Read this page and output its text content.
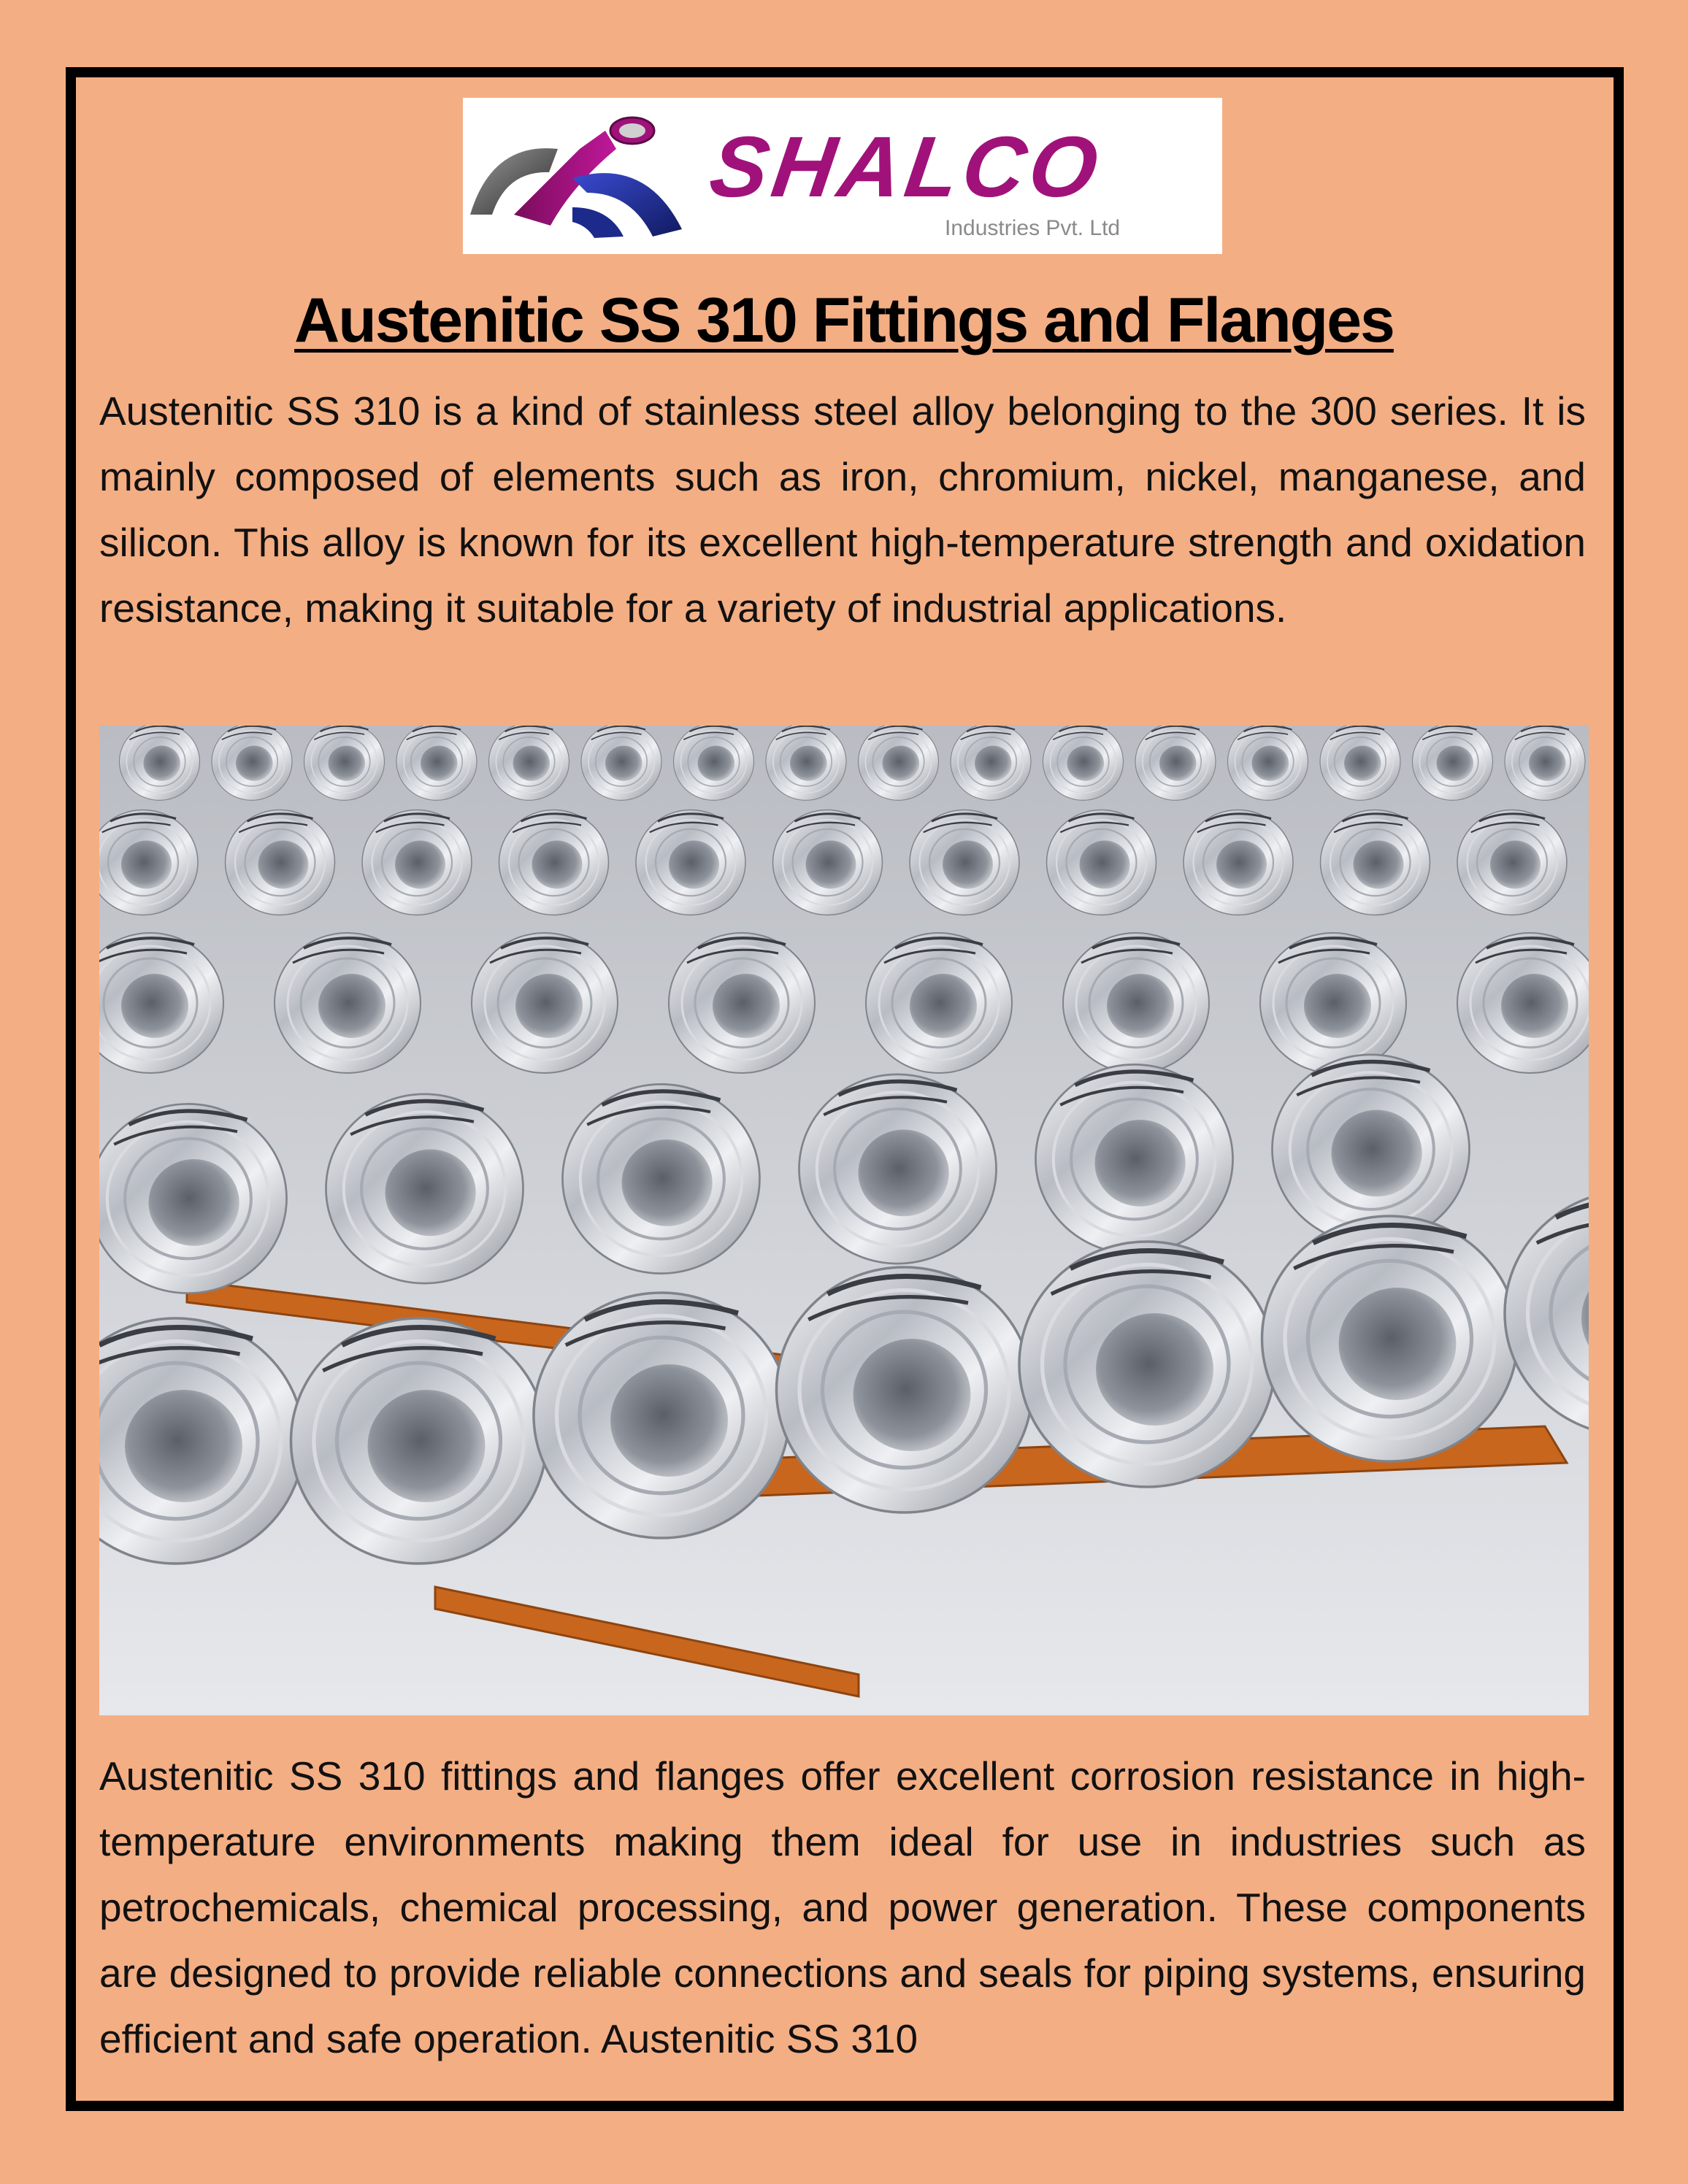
SHALCO
Industries Pvt. Ltd
Austenitic SS 310 Fittings and Flanges

Austenitic SS 310 is a kind of stainless steel alloy belonging to the 300 series. It is mainly composed of elements such as iron, chromium, nickel, manganese, and silicon. This alloy is known for its excellent high-temperature strength and oxidation resistance, making it suitable for a variety of industrial applications.

Austenitic SS 310 fittings and flanges offer excellent corrosion resistance in high-temperature environments making them ideal for use in industries such as petrochemicals, chemical processing, and power generation. These components are designed to provide reliable connections and seals for piping systems, ensuring efficient and safe operation. Austenitic SS 310
